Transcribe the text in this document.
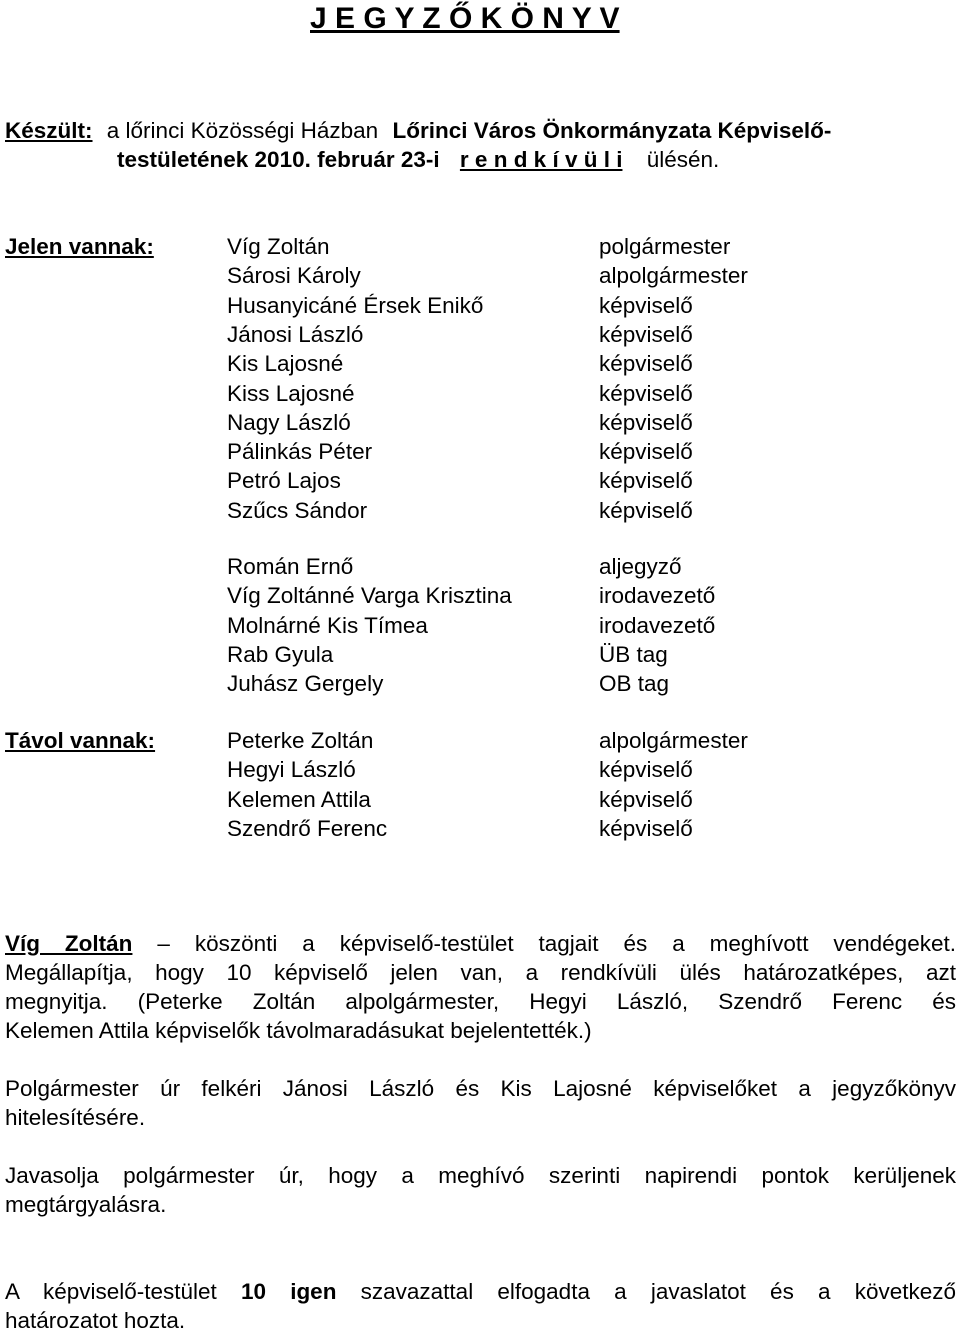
J E G Y Z Ő K Ö N Y V
Készült: a lőrinci Közösségi Házban Lőrinci Város Önkormányzata Képviselő-
testületének 2010. február 23-i r e n d k í v ü l i ülésén.
Jelen vannak:	Víg Zoltán	polgármester
Sárosi Károly	alpolgármester
Husanyicáné Érsek Enikő	képviselő
Jánosi László	képviselő
Kis Lajosné	képviselő
Kiss Lajosné	képviselő
Nagy László	képviselő
Pálinkás Péter	képviselő
Petró Lajos	képviselő
Szűcs Sándor	képviselő
Román Ernő	aljegyző
Víg Zoltánné Varga Krisztina	irodavezető
Molnárné Kis Tímea	irodavezető
Rab Gyula	ÜB tag
Juhász Gergely	OB tag
Távol vannak:	Peterke Zoltán	alpolgármester
Hegyi László	képviselő
Kelemen Attila	képviselő
Szendrő Ferenc	képviselő
Víg Zoltán – köszönti a képviselő-testület tagjait és a meghívott vendégeket.
Megállapítja, hogy 10 képviselő jelen van, a rendkívüli ülés határozatképes, azt
megnyitja. (Peterke Zoltán alpolgármester, Hegyi László, Szendrő Ferenc és
Kelemen Attila képviselők távolmaradásukat bejelentették.)
Polgármester úr felkéri Jánosi László és Kis Lajosné képviselőket a jegyzőkönyv
hitelesítésére.
Javasolja polgármester úr, hogy a meghívó szerinti napirendi pontok kerüljenek
megtárgyalásra.
A képviselő-testület 10 igen szavazattal elfogadta a javaslatot és a következő
határozatot hozta.
